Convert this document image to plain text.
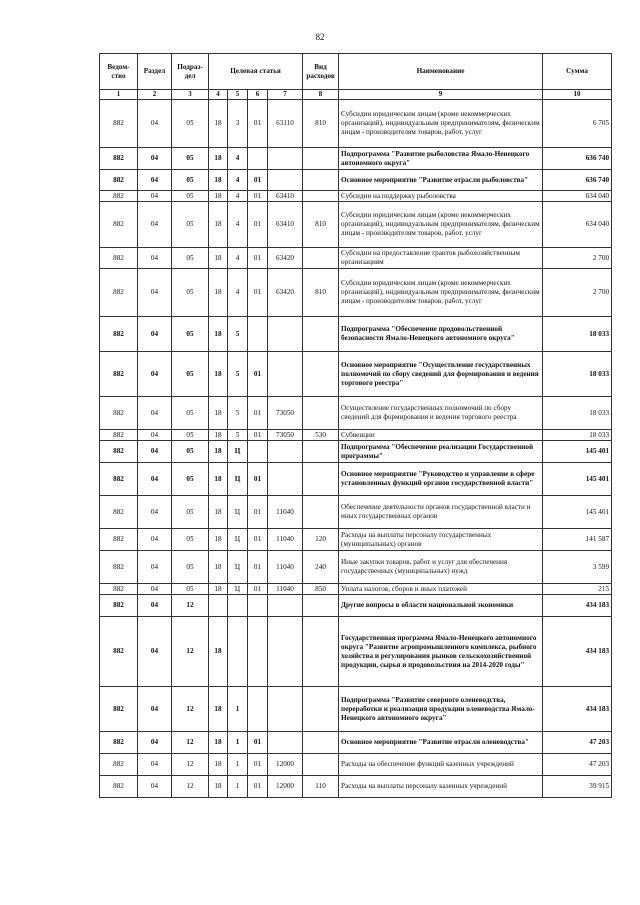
82
Ведом-ство	Раздел	Подраз-дел	Целевая статья				Вид расходов	Наименование	Сумма
1	2	3	4	5	6	7	8	9	10
882	04	05	18	3	01	63110	810	Субсидии юридическим лицам (кроме некоммерческих организаций), индивидуальным предпринимателям, физическим лицам - производителям товаров, работ, услуг	6 705
882	04	05	18	4				Подпрограмма "Развитие рыболовства Ямало-Ненецкого автономного округа"	636 740
882	04	05	18	4	01			Основное мероприятие "Развитие отрасли рыболовства"	636 740
882	04	05	18	4	01	63410		Субсидии на поддержку рыболовства	634 040
882	04	05	18	4	01	63410	810	Субсидии юридическим лицам (кроме некоммерческих организаций), индивидуальным предпринимателям, физическим лицам - производителям товаров, работ, услуг	634 040
882	04	05	18	4	01	63420		Субсидии на предоставление грантов рыбохозяйственным организациям	2 700
882	04	05	18	4	01	63420	810	Субсидии юридическим лицам (кроме некоммерческих организаций), индивидуальным предпринимателям, физическим лицам - производителям товаров, работ, услуг	2 700
882	04	05	18	5				Подпрограмма "Обеспечение продовольственной безопасности Ямало-Ненецкого автономного округа"	18 033
882	04	05	18	5	01			Основное мероприятие "Осуществление государственных полномочий по сбору сведений для формирования и ведения торгового реестра"	18 033
882	04	05	18	5	01	73050		Осуществление государственных полномочий по сбору сведений для формирования и ведения торгового реестра	18 033
882	04	05	18	5	01	73050	530	Субвенции	18 033
882	04	05	18	Ц				Подпрограмма "Обеспечение реализации Государственной программы"	145 401
882	04	05	18	Ц	01			Основное мероприятие "Руководство и управление в сфере установленных функций органов государственной власти"	145 401
882	04	05	18	Ц	01	11040		Обеспечение деятельности органов государственной власти и иных государственных органов	145 401
882	04	05	18	Ц	01	11040	120	Расходы на выплаты персоналу государственных (муниципальных) органов	141 587
882	04	05	18	Ц	01	11040	240	Иные закупки товаров, работ и услуг для обеспечения государственных (муниципальных) нужд	3 599
882	04	05	18	Ц	01	11040	850	Уплата налогов, сборов и иных платежей	215
882	04	12						Другие вопросы в области национальной экономики	434 183
882	04	12	18					Государственная программа Ямало-Ненецкого автономного округа "Развитие агропромышленного комплекса, рыбного хозяйства и регулирования рынков сельскохозяйственной продукции, сырья и продовольствия на 2014-2020 годы"	434 183
882	04	12	18	1				Подпрограмма "Развитие северного оленеводства, переработки и реализация продукции оленеводства Ямало-Ненецкого автономного округа"	434 183
882	04	12	18	1	01			Основное мероприятие "Развитие отрасли оленеводства"	47 203
882	04	12	18	1	01	12000		Расходы на обеспечение функций казенных учреждений	47 203
882	04	12	18	1	01	12000	110	Расходы на выплаты персоналу казенных учреждений	39 915
